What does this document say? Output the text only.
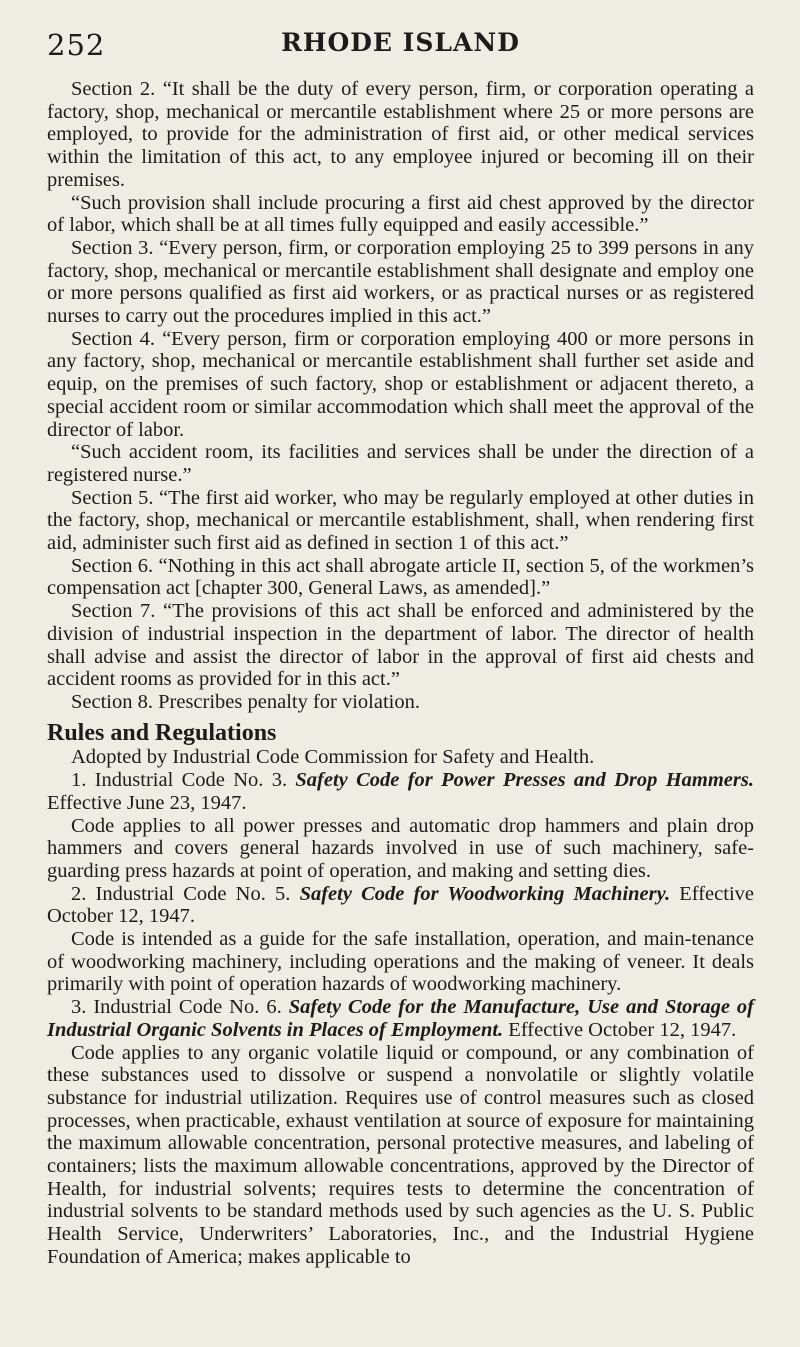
252	RHODE ISLAND

Section 2. “It shall be the duty of every person, firm, or corporation operating a factory, shop, mechanical or mercantile establishment where 25 or more persons are employed, to provide for the administration of first aid, or other medical services within the limitation of this act, to any employee injured or becoming ill on their premises.

“Such provision shall include procuring a first aid chest approved by the director of labor, which shall be at all times fully equipped and easily accessible.”

Section 3. “Every person, firm, or corporation employing 25 to 399 persons in any factory, shop, mechanical or mercantile establishment shall designate and employ one or more persons qualified as first aid workers, or as practical nurses or as registered nurses to carry out the procedures implied in this act.”

Section 4. “Every person, firm or corporation employing 400 or more persons in any factory, shop, mechanical or mercantile establishment shall further set aside and equip, on the premises of such factory, shop or establishment or adjacent thereto, a special accident room or similar accommodation which shall meet the approval of the director of labor.

“Such accident room, its facilities and services shall be under the direction of a registered nurse.”

Section 5. “The first aid worker, who may be regularly employed at other duties in the factory, shop, mechanical or mercantile establishment, shall, when rendering first aid, administer such first aid as defined in section 1 of this act.”

Section 6. “Nothing in this act shall abrogate article II, section 5, of the workmen’s compensation act [chapter 300, General Laws, as amended].”

Section 7. “The provisions of this act shall be enforced and administered by the division of industrial inspection in the department of labor. The director of health shall advise and assist the director of labor in the approval of first aid chests and accident rooms as provided for in this act.”

Section 8. Prescribes penalty for violation.

Rules and Regulations

Adopted by Industrial Code Commission for Safety and Health.

1. Industrial Code No. 3. Safety Code for Power Presses and Drop Hammers. Effective June 23, 1947.

Code applies to all power presses and automatic drop hammers and plain drop hammers and covers general hazards involved in use of such machinery, safe-guarding press hazards at point of operation, and making and setting dies.

2. Industrial Code No. 5. Safety Code for Woodworking Machinery. Effective October 12, 1947.

Code is intended as a guide for the safe installation, operation, and main-tenance of woodworking machinery, including operations and the making of veneer. It deals primarily with point of operation hazards of woodworking machinery.

3. Industrial Code No. 6. Safety Code for the Manufacture, Use and Storage of Industrial Organic Solvents in Places of Employment. Effective October 12, 1947.

Code applies to any organic volatile liquid or compound, or any combination of these substances used to dissolve or suspend a nonvolatile or slightly volatile substance for industrial utilization. Requires use of control measures such as closed processes, when practicable, exhaust ventilation at source of exposure for maintaining the maximum allowable concentration, personal protective measures, and labeling of containers; lists the maximum allowable concentrations, approved by the Director of Health, for industrial solvents; requires tests to determine the concentration of industrial solvents to be standard methods used by such agencies as the U. S. Public Health Service, Underwriters’ Laboratories, Inc., and the Industrial Hygiene Foundation of America; makes applicable to
